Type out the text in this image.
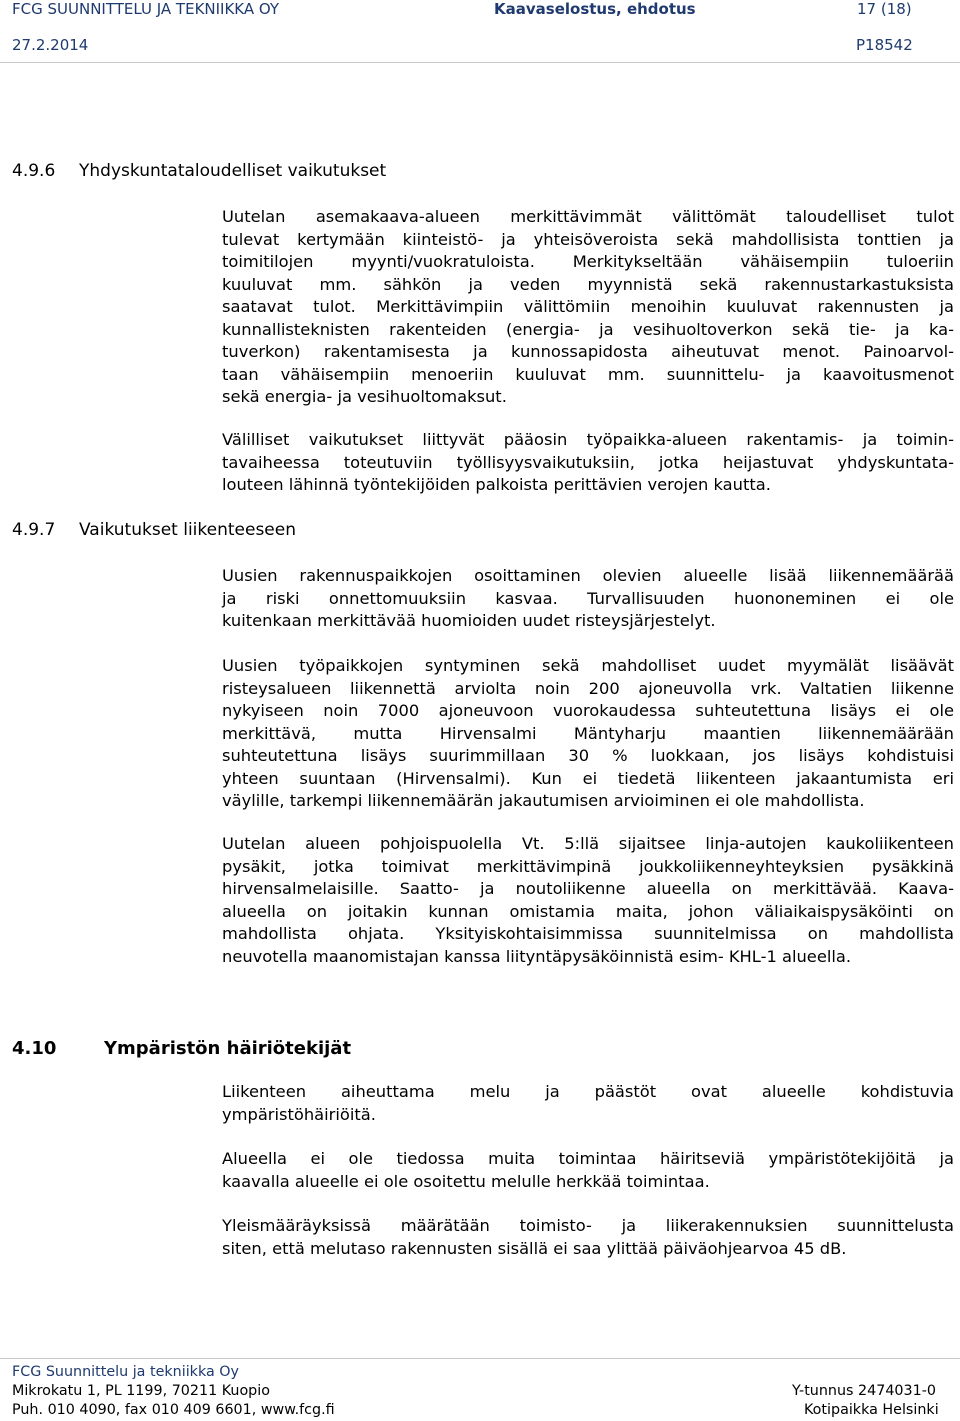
FCG SUUNNITTELU JA TEKNIIKKA OY	Kaavaselostus, ehdotus	17 (18)
27.2.2014	P18542
4.9.6 Yhdyskuntataloudelliset vaikutukset
Uutelan asemakaava-alueen merkittävimmät välittömät taloudelliset tulot
tulevat kertymään kiinteistö- ja yhteisöveroista sekä mahdollisista tonttien ja
toimitilojen myynti/vuokratuloista. Merkitykseltään vähäisempiin tuloeriin
kuuluvat mm. sähkön ja veden myynnistä sekä rakennustarkastuksista
saatavat tulot. Merkittävimpiin välittömiin menoihin kuuluvat rakennusten ja
kunnallisteknisten rakenteiden (energia- ja vesihuoltoverkon sekä tie- ja ka-
tuverkon) rakentamisesta ja kunnossapidosta aiheutuvat menot. Painoarvol-
taan vähäisempiin menoeriin kuuluvat mm. suunnittelu- ja kaavoitusmenot
sekä energia- ja vesihuoltomaksut.
Välilliset vaikutukset liittyvät pääosin työpaikka-alueen rakentamis- ja toimin-
tavaiheessa toteutuviin työllisyysvaikutuksiin, jotka heijastuvat yhdyskuntata-
louteen lähinnä työntekijöiden palkoista perittävien verojen kautta.
4.9.7 Vaikutukset liikenteeseen
Uusien rakennuspaikkojen osoittaminen olevien alueelle lisää liikennemäärää
ja riski onnettomuuksiin kasvaa. Turvallisuuden huononeminen ei ole
kuitenkaan merkittävää huomioiden uudet risteysjärjestelyt.
Uusien työpaikkojen syntyminen sekä mahdolliset uudet myymälät lisäävät
risteysalueen liikennettä arviolta noin 200 ajoneuvolla vrk. Valtatien liikenne
nykyiseen noin 7000 ajoneuvoon vuorokaudessa suhteutettuna lisäys ei ole
merkittävä, mutta Hirvensalmi Mäntyharju maantien liikennemäärään
suhteutettuna lisäys suurimmillaan 30 % luokkaan, jos lisäys kohdistuisi
yhteen suuntaan (Hirvensalmi). Kun ei tiedetä liikenteen jakaantumista eri
väylille, tarkempi liikennemäärän jakautumisen arvioiminen ei ole mahdollista.
Uutelan alueen pohjoispuolella Vt. 5:llä sijaitsee linja-autojen kaukoliikenteen
pysäkit, jotka toimivat merkittävimpinä joukkoliikenneyhteyksien pysäkkinä
hirvensalmelaisille. Saatto- ja noutoliikenne alueella on merkittävää. Kaava-
alueella on joitakin kunnan omistamia maita, johon väliaikaispysäköinti on
mahdollista ohjata. Yksityiskohtaisimmissa suunnitelmissa on mahdollista
neuvotella maanomistajan kanssa liityntäpysäköinnistä esim- KHL-1 alueella.
4.10	Ympäristön häiriötekijät
Liikenteen aiheuttama melu ja päästöt ovat alueelle kohdistuvia
ympäristöhäiriöitä.
Alueella ei ole tiedossa muita toimintaa häiritseviä ympäristötekijöitä ja
kaavalla alueelle ei ole osoitettu melulle herkkää toimintaa.
Yleismääräyksissä määrätään toimisto- ja liikerakennuksien suunnittelusta
siten, että melutaso rakennusten sisällä ei saa ylittää päiväohjearvoa 45 dB.
FCG Suunnittelu ja tekniikka Oy
Mikrokatu 1, PL 1199, 70211 Kuopio
Puh. 010 4090, fax 010 409 6601, www.fcg.fi
Y-tunnus 2474031-0
Kotipaikka Helsinki
